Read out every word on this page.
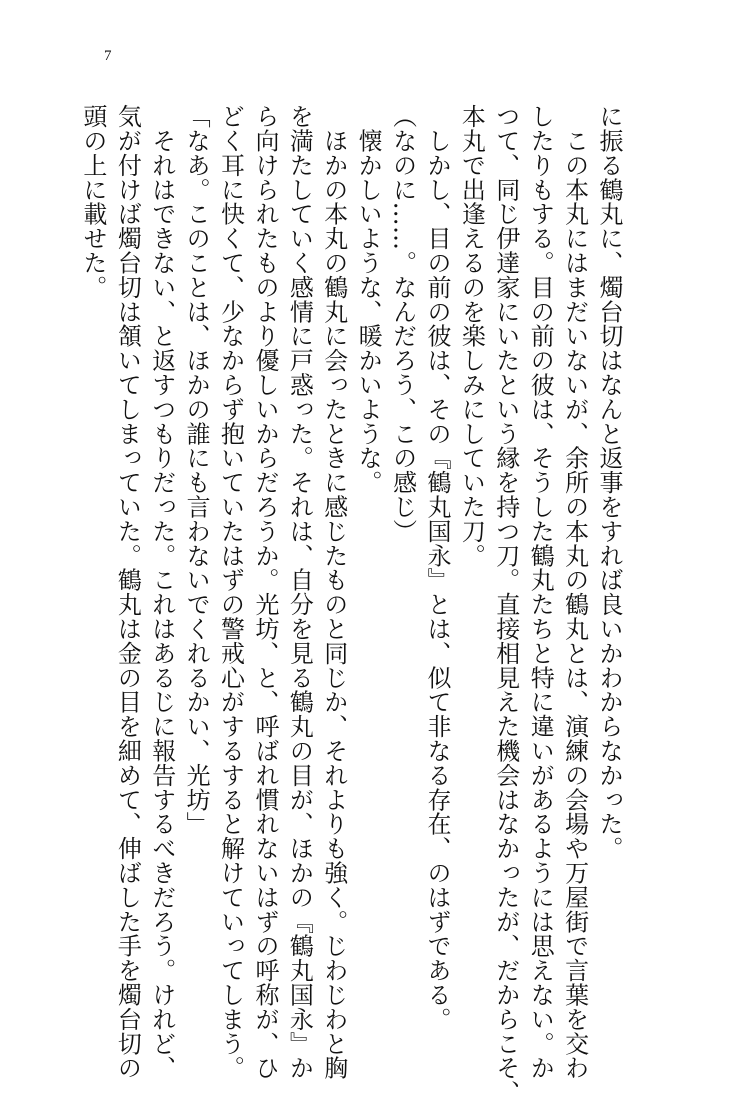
7
に振る鶴丸に、燭台切はなんと返事をすれば良いかわからなかった。
　この本丸にはまだいないが、余所の本丸の鶴丸とは、演練の会場や万屋街で言葉を交わ
したりもする。目の前の彼は、そうした鶴丸たちと特に違いがあるようには思えない。か
つて、同じ伊達家にいたという縁を持つ刀。直接相見えた機会はなかったが、だからこそ、
本丸で出逢えるのを楽しみにしていた刀。
　しかし、目の前の彼は、その『鶴丸国永』とは、似て非なる存在、のはずである。
（なのに……。なんだろう、この感じ）
　懐かしいような、暖かいような。
　ほかの本丸の鶴丸に会ったときに感じたものと同じか、それよりも強く。じわじわと胸
を満たしていく感情に戸惑った。それは、自分を見る鶴丸の目が、ほかの『鶴丸国永』か
ら向けられたものより優しいからだろうか。光坊、と、呼ばれ慣れないはずの呼称が、ひ
どく耳に快くて、少なからず抱いていたはずの警戒心がするすると解けていってしまう。
「なあ。このことは、ほかの誰にも言わないでくれるかい、光坊」
　それはできない、と返すつもりだった。これはあるじに報告するべきだろう。けれど、
気が付けば燭台切は頷いてしまっていた。鶴丸は金の目を細めて、伸ばした手を燭台切の
頭の上に載せた。
